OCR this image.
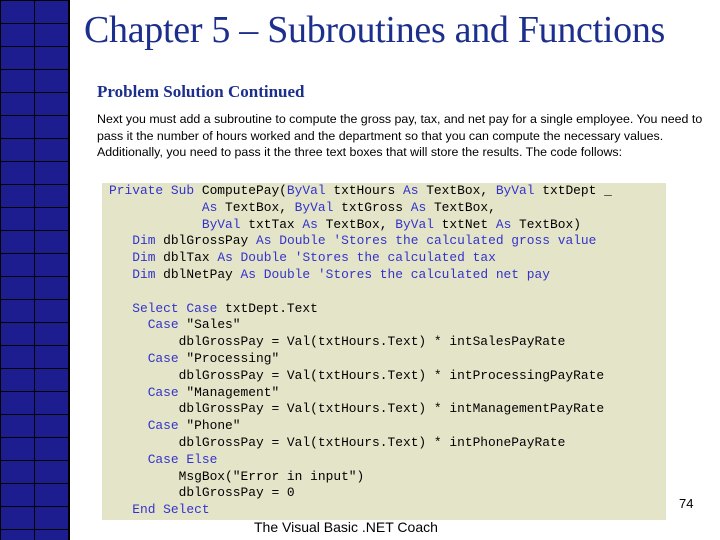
Chapter 5 – Subroutines and Functions
Problem Solution Continued
Next you must add a subroutine to compute the gross pay, tax, and net pay for a single employee. You need to pass it the number of hours worked and the department so that you can compute the necessary values. Additionally, you need to pass it the three text boxes that will store the results. The code follows:
Private Sub ComputePay(ByVal txtHours As TextBox, ByVal txtDept _
As TextBox, ByVal txtGross As TextBox,
ByVal txtTax As TextBox, ByVal txtNet As TextBox)
Dim dblGrossPay As Double 'Stores the calculated gross value
Dim dblTax As Double 'Stores the calculated tax
Dim dblNetPay As Double 'Stores the calculated net pay

Select Case txtDept.Text
Case "Sales"
dblGrossPay = Val(txtHours.Text) * intSalesPayRate
Case "Processing"
dblGrossPay = Val(txtHours.Text) * intProcessingPayRate
Case "Management"
dblGrossPay = Val(txtHours.Text) * intManagementPayRate
Case "Phone"
dblGrossPay = Val(txtHours.Text) * intPhonePayRate
Case Else
MsgBox("Error in input")
dblGrossPay = 0
End Select	74
The Visual Basic .NET Coach
